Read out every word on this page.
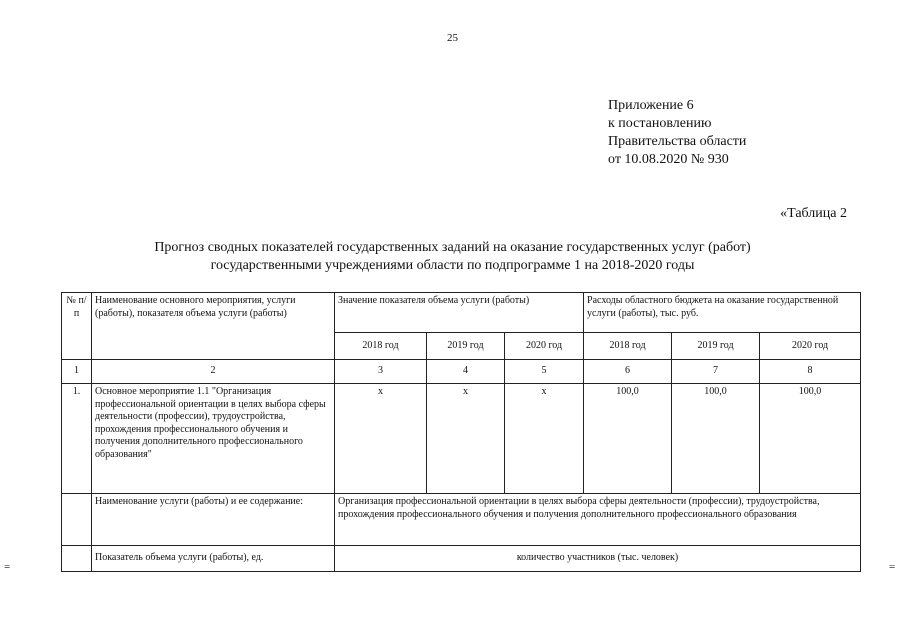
25
Приложение 6
к постановлению
Правительства области
от 10.08.2020 № 930
«Таблица 2
Прогноз сводных показателей государственных заданий на оказание государственных услуг (работ)
государственными учреждениями области по подпрограмме 1 на 2018-2020 годы
№ п/п	Наименование основного мероприятия, услуги (работы), показателя объема услуги (работы)	Значение показателя объема услуги (работы)			Расходы областного бюджета на оказание государственной услуги (работы), тыс. руб.		
		2018 год	2019 год	2020 год	2018 год	2019 год	2020 год
1	2	3	4	5	6	7	8
1.	Основное мероприятие 1.1 "Организация профессиональной ориентации в целях выбора сферы деятельности (профессии), трудоустройства, прохождения профессионального обучения и получения дополнительного профессионального образования"	х	х	х	100,0	100,0	100,0
	Наименование услуги (работы) и ее содержание:	Организация профессиональной ориентации в целях выбора сферы деятельности (профессии), трудоустройства, прохождения профессионального обучения и получения дополнительного профессионального образования					
	Показатель объема услуги (работы), ед.	количество участников (тыс. человек)					
=	=
